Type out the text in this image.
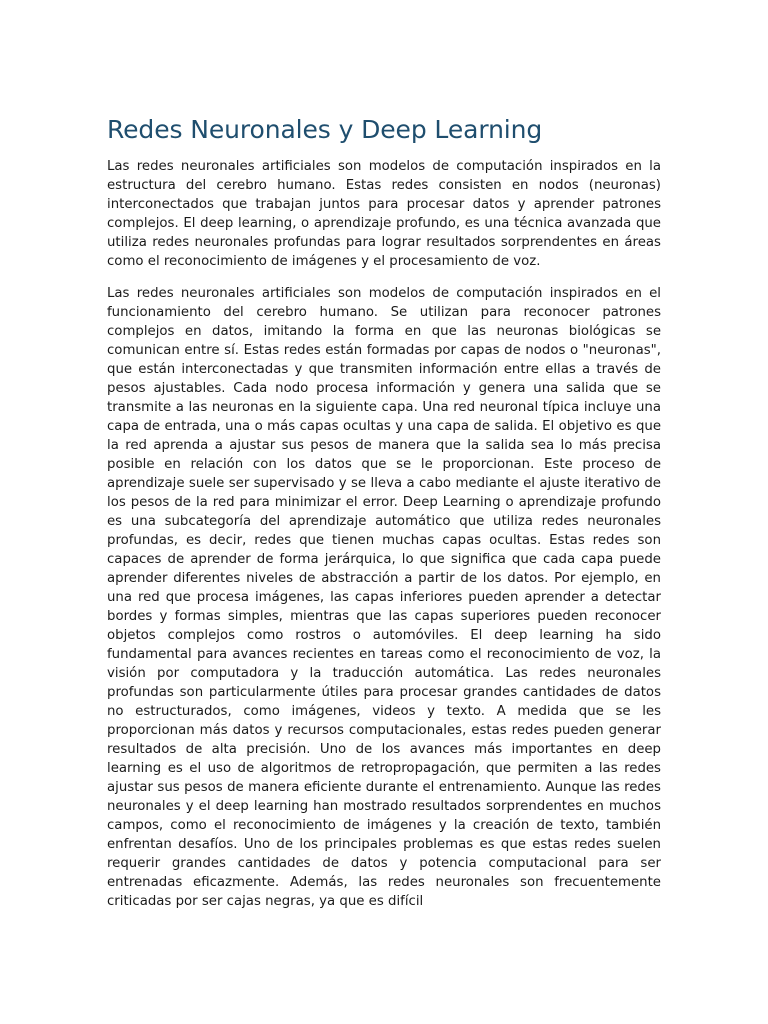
Redes Neuronales y Deep Learning

Las redes neuronales artificiales son modelos de computación inspirados en la estructura del cerebro humano. Estas redes consisten en nodos (neuronas) interconectados que trabajan juntos para procesar datos y aprender patrones complejos. El deep learning, o aprendizaje profundo, es una técnica avanzada que utiliza redes neuronales profundas para lograr resultados sorprendentes en áreas como el reconocimiento de imágenes y el procesamiento de voz.

Las redes neuronales artificiales son modelos de computación inspirados en el funcionamiento del cerebro humano. Se utilizan para reconocer patrones complejos en datos, imitando la forma en que las neuronas biológicas se comunican entre sí. Estas redes están formadas por capas de nodos o "neuronas", que están interconectadas y que transmiten información entre ellas a través de pesos ajustables. Cada nodo procesa información y genera una salida que se transmite a las neuronas en la siguiente capa. Una red neuronal típica incluye una capa de entrada, una o más capas ocultas y una capa de salida. El objetivo es que la red aprenda a ajustar sus pesos de manera que la salida sea lo más precisa posible en relación con los datos que se le proporcionan. Este proceso de aprendizaje suele ser supervisado y se lleva a cabo mediante el ajuste iterativo de los pesos de la red para minimizar el error. Deep Learning o aprendizaje profundo es una subcategoría del aprendizaje automático que utiliza redes neuronales profundas, es decir, redes que tienen muchas capas ocultas. Estas redes son capaces de aprender de forma jerárquica, lo que significa que cada capa puede aprender diferentes niveles de abstracción a partir de los datos. Por ejemplo, en una red que procesa imágenes, las capas inferiores pueden aprender a detectar bordes y formas simples, mientras que las capas superiores pueden reconocer objetos complejos como rostros o automóviles. El deep learning ha sido fundamental para avances recientes en tareas como el reconocimiento de voz, la visión por computadora y la traducción automática. Las redes neuronales profundas son particularmente útiles para procesar grandes cantidades de datos no estructurados, como imágenes, videos y texto. A medida que se les proporcionan más datos y recursos computacionales, estas redes pueden generar resultados de alta precisión. Uno de los avances más importantes en deep learning es el uso de algoritmos de retropropagación, que permiten a las redes ajustar sus pesos de manera eficiente durante el entrenamiento. Aunque las redes neuronales y el deep learning han mostrado resultados sorprendentes en muchos campos, como el reconocimiento de imágenes y la creación de texto, también enfrentan desafíos. Uno de los principales problemas es que estas redes suelen requerir grandes cantidades de datos y potencia computacional para ser entrenadas eficazmente. Además, las redes neuronales son frecuentemente criticadas por ser cajas negras, ya que es difícil
